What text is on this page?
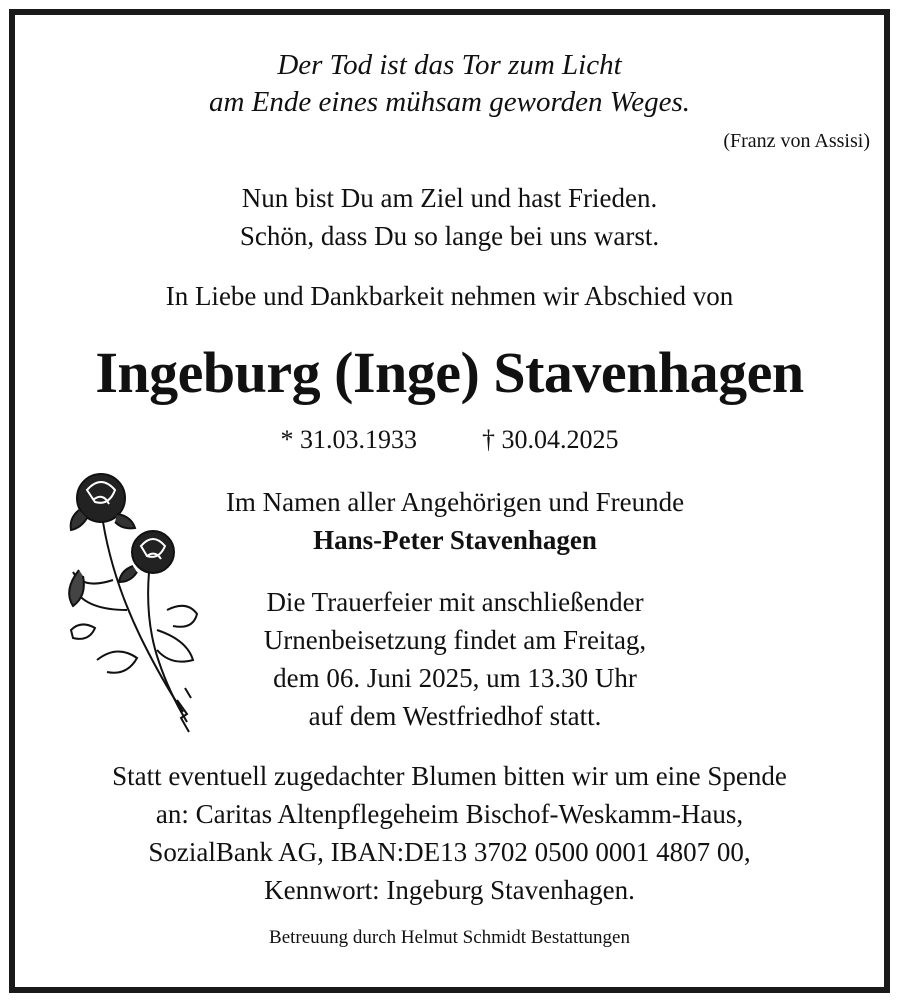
Der Tod ist das Tor zum Licht
am Ende eines mühsam geworden Weges.
(Franz von Assisi)
Nun bist Du am Ziel und hast Frieden.
Schön, dass Du so lange bei uns warst.
In Liebe und Dankbarkeit nehmen wir Abschied von
Ingeburg (Inge) Stavenhagen
* 31.03.1933	† 30.04.2025
Im Namen aller Angehörigen und Freunde
Hans-Peter Stavenhagen
Die Trauerfeier mit anschließender
Urnenbeisetzung findet am Freitag,
dem 06. Juni 2025, um 13.30 Uhr
auf dem Westfriedhof statt.
Statt eventuell zugedachter Blumen bitten wir um eine Spende
an: Caritas Altenpflegeheim Bischof-Weskamm-Haus,
SozialBank AG, IBAN:DE13 3702 0500 0001 4807 00,
Kennwort: Ingeburg Stavenhagen.
Betreuung durch Helmut Schmidt Bestattungen
